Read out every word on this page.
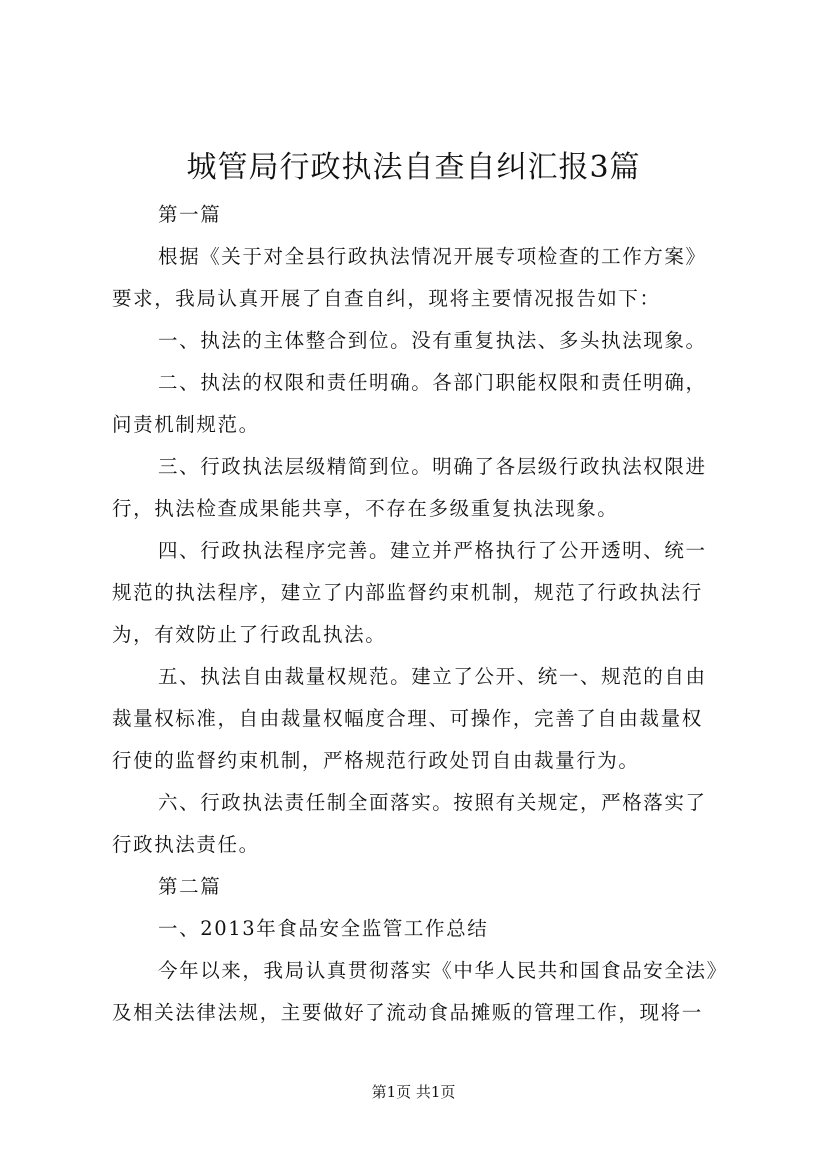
城管局行政执法自查自纠汇报3篇
第一篇
根据《关于对全县行政执法情况开展专项检查的工作方案》
要求，我局认真开展了自查自纠，现将主要情况报告如下：
一、执法的主体整合到位。没有重复执法、多头执法现象。
二、执法的权限和责任明确。各部门职能权限和责任明确，
问责机制规范。
三、行政执法层级精简到位。明确了各层级行政执法权限进
行，执法检查成果能共享，不存在多级重复执法现象。
四、行政执法程序完善。建立并严格执行了公开透明、统一
规范的执法程序，建立了内部监督约束机制，规范了行政执法行
为，有效防止了行政乱执法。
五、执法自由裁量权规范。建立了公开、统一、规范的自由
裁量权标准，自由裁量权幅度合理、可操作，完善了自由裁量权
行使的监督约束机制，严格规范行政处罚自由裁量行为。
六、行政执法责任制全面落实。按照有关规定，严格落实了
行政执法责任。
第二篇
一、2013年食品安全监管工作总结
今年以来，我局认真贯彻落实《中华人民共和国食品安全法》
及相关法律法规，主要做好了流动食品摊贩的管理工作，现将一
第1页 共1页
